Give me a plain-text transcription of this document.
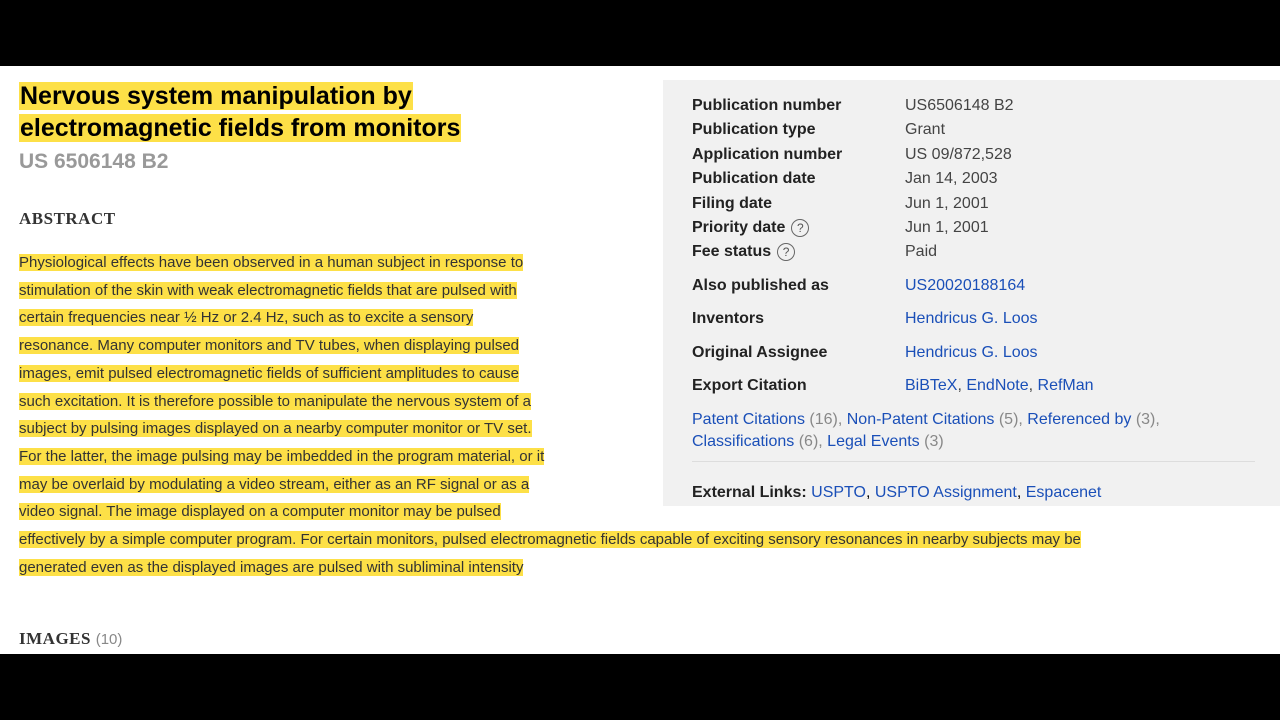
Nervous system manipulation by
electromagnetic fields from monitors
US 6506148 B2
ABSTRACT
Physiological effects have been observed in a human subject in response to
stimulation of the skin with weak electromagnetic fields that are pulsed with
certain frequencies near ½ Hz or 2.4 Hz, such as to excite a sensory
resonance. Many computer monitors and TV tubes, when displaying pulsed
images, emit pulsed electromagnetic fields of sufficient amplitudes to cause
such excitation. It is therefore possible to manipulate the nervous system of a
subject by pulsing images displayed on a nearby computer monitor or TV set.
For the latter, the image pulsing may be imbedded in the program material, or it
may be overlaid by modulating a video stream, either as an RF signal or as a
video signal. The image displayed on a computer monitor may be pulsed
effectively by a simple computer program. For certain monitors, pulsed electromagnetic fields capable of exciting sensory resonances in nearby subjects may be
generated even as the displayed images are pulsed with subliminal intensity
IMAGES (10)
Publication number	US6506148 B2
Publication type	Grant
Application number	US 09/872,528
Publication date	Jan 14, 2003
Filing date	Jun 1, 2001
Priority date ?	Jun 1, 2001
Fee status ?	Paid
Also published as	US20020188164
Inventors	Hendricus G. Loos
Original Assignee	Hendricus G. Loos
Export Citation	BiBTeX, EndNote, RefMan
Patent Citations (16), Non-Patent Citations (5), Referenced by (3),
Classifications (6), Legal Events (3)
External Links: USPTO, USPTO Assignment, Espacenet
